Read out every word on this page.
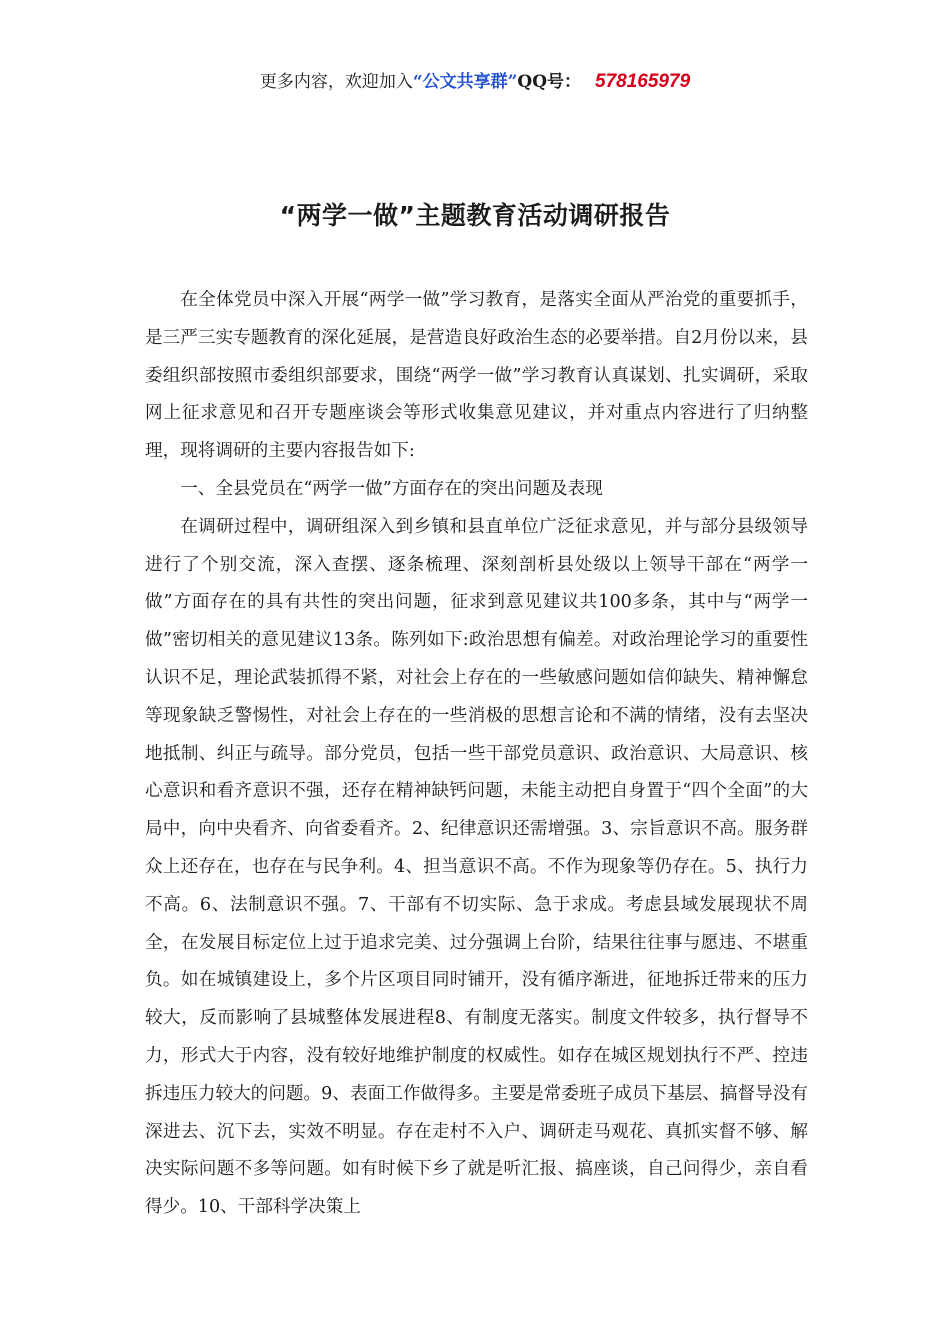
更多内容，欢迎加入“公文共享群”QQ号： 578165979
“两学一做”主题教育活动调研报告

在全体党员中深入开展“两学一做”学习教育，是落实全面从严治党的重要抓手，是三严三实专题教育的深化延展，是营造良好政治生态的必要举措。自2月份以来，县委组织部按照市委组织部要求，围绕“两学一做”学习教育认真谋划、扎实调研，采取网上征求意见和召开专题座谈会等形式收集意见建议，并对重点内容进行了归纳整理，现将调研的主要内容报告如下:

一、全县党员在“两学一做”方面存在的突出问题及表现

在调研过程中，调研组深入到乡镇和县直单位广泛征求意见，并与部分县级领导进行了个别交流，深入查摆、逐条梳理、深刻剖析县处级以上领导干部在“两学一做”方面存在的具有共性的突出问题，征求到意见建议共100多条，其中与“两学一做”密切相关的意见建议13条。陈列如下:政治思想有偏差。对政治理论学习的重要性认识不足，理论武装抓得不紧，对社会上存在的一些敏感问题如信仰缺失、精神懈怠等现象缺乏警惕性，对社会上存在的一些消极的思想言论和不满的情绪，没有去坚决地抵制、纠正与疏导。部分党员，包括一些干部党员意识、政治意识、大局意识、核心意识和看齐意识不强，还存在精神缺钙问题，未能主动把自身置于“四个全面”的大局中，向中央看齐、向省委看齐。2、纪律意识还需增强。3、宗旨意识不高。服务群众上还存在，也存在与民争利。4、担当意识不高。不作为现象等仍存在。5、执行力不高。6、法制意识不强。7、干部有不切实际、急于求成。考虑县域发展现状不周全，在发展目标定位上过于追求完美、过分强调上台阶，结果往往事与愿违、不堪重负。如在城镇建设上，多个片区项目同时铺开，没有循序渐进，征地拆迁带来的压力较大，反而影响了县城整体发展进程8、有制度无落实。制度文件较多，执行督导不力，形式大于内容，没有较好地维护制度的权威性。如存在城区规划执行不严、控违拆违压力较大的问题。9、表面工作做得多。主要是常委班子成员下基层、搞督导没有深进去、沉下去，实效不明显。存在走村不入户、调研走马观花、真抓实督不够、解决实际问题不多等问题。如有时候下乡了就是听汇报、搞座谈，自己问得少，亲自看得少。10、干部科学决策上
